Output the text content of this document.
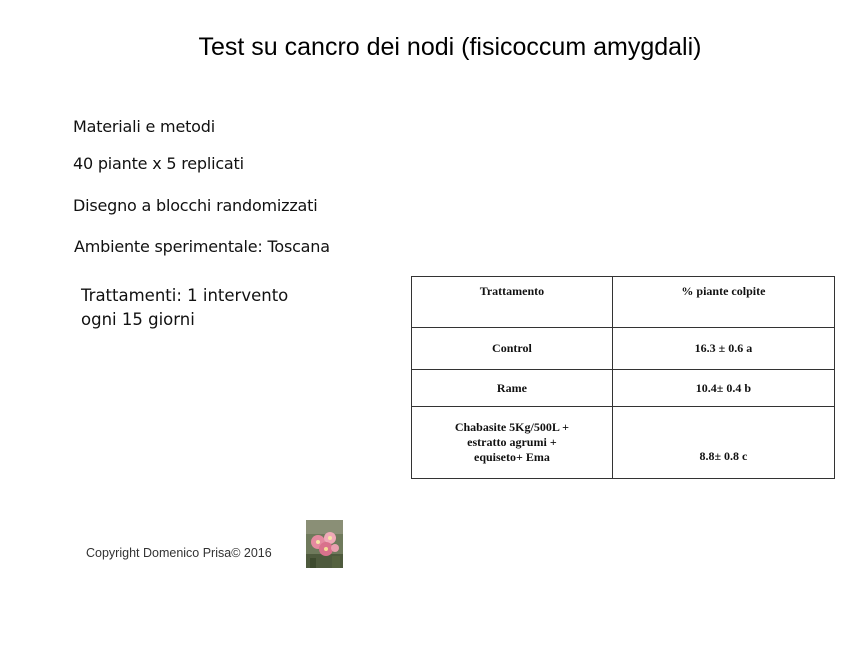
Test su cancro dei nodi (fisicoccum amygdali)
Materiali e metodi
40 piante x 5 replicati
Disegno a blocchi randomizzati
Ambiente sperimentale: Toscana
Trattamenti: 1 intervento
ogni 15 giorni
Trattamento	% piante colpite
Control	16.3 ± 0.6 a
Rame	10.4± 0.4 b
Chabasite 5Kg/500L +
estratto agrumi +
equiseto+ Ema	8.8± 0.8 c
Copyright Domenico Prisa© 2016
